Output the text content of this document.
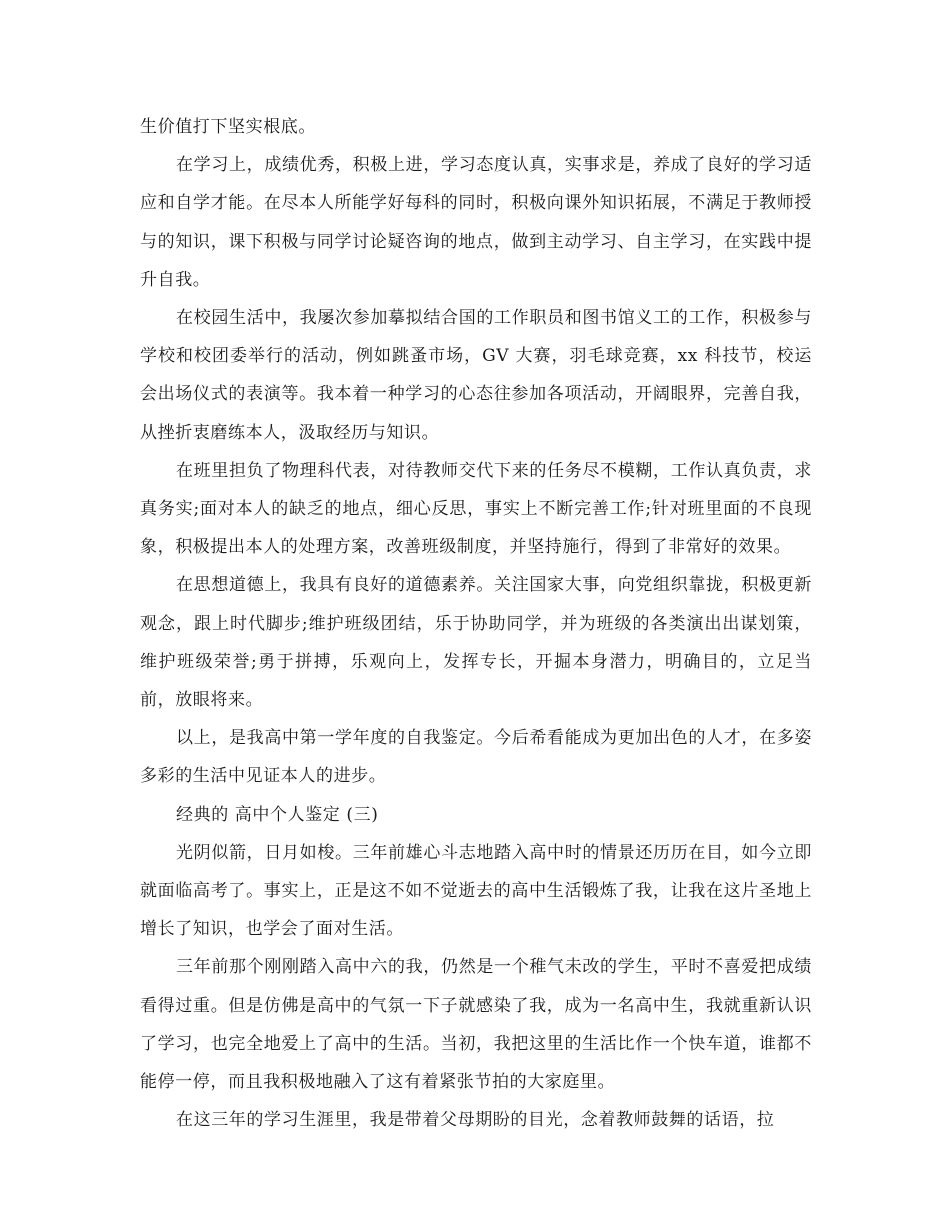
生价值打下坚实根底。

在学习上，成绩优秀，积极上进，学习态度认真，实事求是，养成了良好的学习适应和自学才能。在尽本人所能学好每科的同时，积极向课外知识拓展，不满足于教师授与的知识，课下积极与同学讨论疑咨询的地点，做到主动学习、自主学习，在实践中提升自我。

在校园生活中，我屡次参加摹拟结合国的工作职员和图书馆义工的工作，积极参与学校和校团委举行的活动，例如跳蚤市场，GV 大赛，羽毛球竞赛，xx 科技节，校运会出场仪式的表演等。我本着一种学习的心态往参加各项活动，开阔眼界，完善自我，从挫折衷磨练本人，汲取经历与知识。

在班里担负了物理科代表，对待教师交代下来的任务尽不模糊，工作认真负责，求真务实;面对本人的缺乏的地点，细心反思，事实上不断完善工作;针对班里面的不良现象，积极提出本人的处理方案，改善班级制度，并坚持施行，得到了非常好的效果。

在思想道德上，我具有良好的道德素养。关注国家大事，向党组织靠拢，积极更新观念，跟上时代脚步;维护班级团结，乐于协助同学，并为班级的各类演出出谋划策，维护班级荣誉;勇于拼搏，乐观向上，发挥专长，开掘本身潜力，明确目的，立足当前，放眼将来。

以上，是我高中第一学年度的自我鉴定。今后希看能成为更加出色的人才，在多姿多彩的生活中见证本人的进步。

经典的 高中个人鉴定 (三)

光阴似箭，日月如梭。三年前雄心斗志地踏入高中时的情景还历历在目，如今立即就面临高考了。事实上，正是这不如不觉逝去的高中生活锻炼了我，让我在这片圣地上增长了知识，也学会了面对生活。

三年前那个刚刚踏入高中六的我，仍然是一个稚气未改的学生，平时不喜爱把成绩看得过重。但是仿佛是高中的气氛一下子就感染了我，成为一名高中生，我就重新认识了学习，也完全地爱上了高中的生活。当初，我把这里的生活比作一个快车道，谁都不能停一停，而且我积极地融入了这有着紧张节拍的大家庭里。

在这三年的学习生涯里，我是带着父母期盼的目光，念着教师鼓舞的话语，拉
